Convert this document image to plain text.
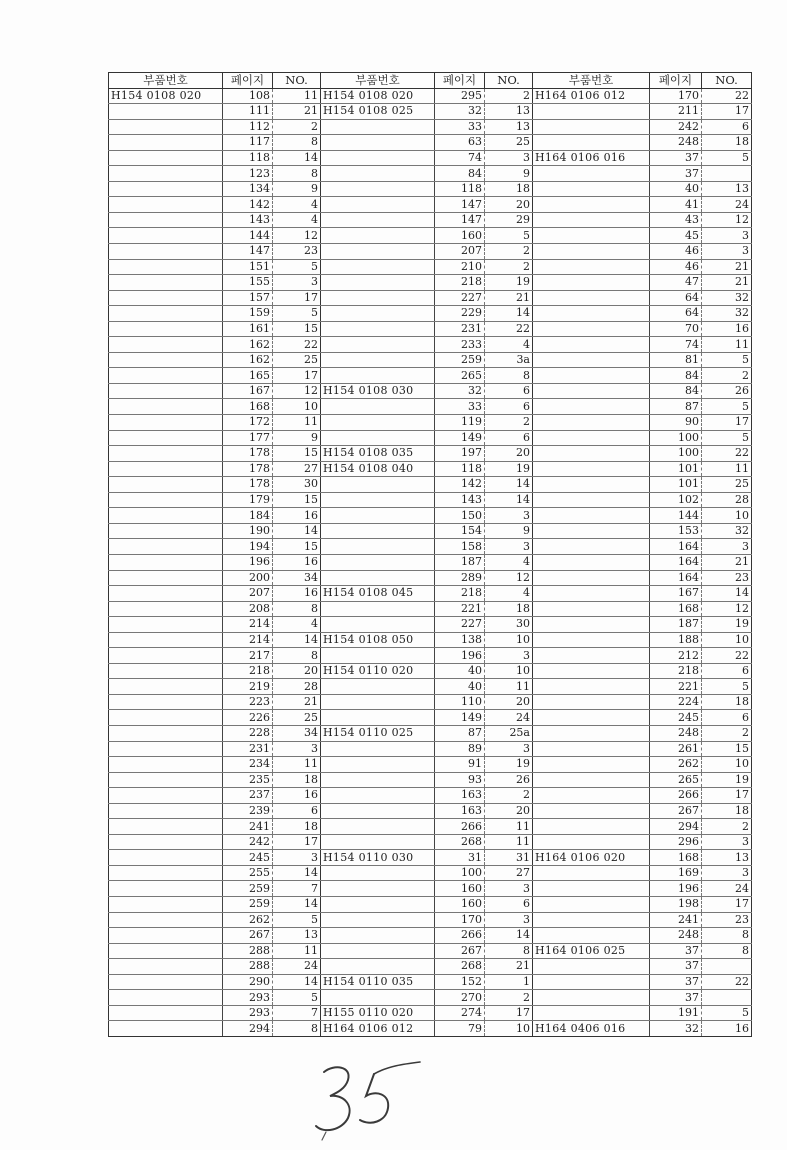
부품번호	페이지	NO.	부품번호	페이지	NO.	부품번호	페이지	NO.
H154 0108 020	108	11	H154 0108 020	295	2	H164 0106 012	170	22
	111	21	H154 0108 025	32	13		211	17
	112	2		33	13		242	6
	117	8		63	25		248	18
	118	14		74	3	H164 0106 016	37	5
	123	8		84	9		37	
	134	9		118	18		40	13
	142	4		147	20		41	24
	143	4		147	29		43	12
	144	12		160	5		45	3
	147	23		207	2		46	3
	151	5		210	2		46	21
	155	3		218	19		47	21
	157	17		227	21		64	32
	159	5		229	14		64	32
	161	15		231	22		70	16
	162	22		233	4		74	11
	162	25		259	3a		81	5
	165	17		265	8		84	2
	167	12	H154 0108 030	32	6		84	26
	168	10		33	6		87	5
	172	11		119	2		90	17
	177	9		149	6		100	5
	178	15	H154 0108 035	197	20		100	22
	178	27	H154 0108 040	118	19		101	11
	178	30		142	14		101	25
	179	15		143	14		102	28
	184	16		150	3		144	10
	190	14		154	9		153	32
	194	15		158	3		164	3
	196	16		187	4		164	21
	200	34		289	12		164	23
	207	16	H154 0108 045	218	4		167	14
	208	8		221	18		168	12
	214	4		227	30		187	19
	214	14	H154 0108 050	138	10		188	10
	217	8		196	3		212	22
	218	20	H154 0110 020	40	10		218	6
	219	28		40	11		221	5
	223	21		110	20		224	18
	226	25		149	24		245	6
	228	34	H154 0110 025	87	25a		248	2
	231	3		89	3		261	15
	234	11		91	19		262	10
	235	18		93	26		265	19
	237	16		163	2		266	17
	239	6		163	20		267	18
	241	18		266	11		294	2
	242	17		268	11		296	3
	245	3	H154 0110 030	31	31	H164 0106 020	168	13
	255	14		100	27		169	3
	259	7		160	3		196	24
	259	14		160	6		198	17
	262	5		170	3		241	23
	267	13		266	14		248	8
	288	11		267	8	H164 0106 025	37	8
	288	24		268	21		37	
	290	14	H154 0110 035	152	1		37	22
	293	5		270	2		37	
	293	7	H155 0110 020	274	17		191	5
	294	8	H164 0106 012	79	10	H164 0406 016	32	16
